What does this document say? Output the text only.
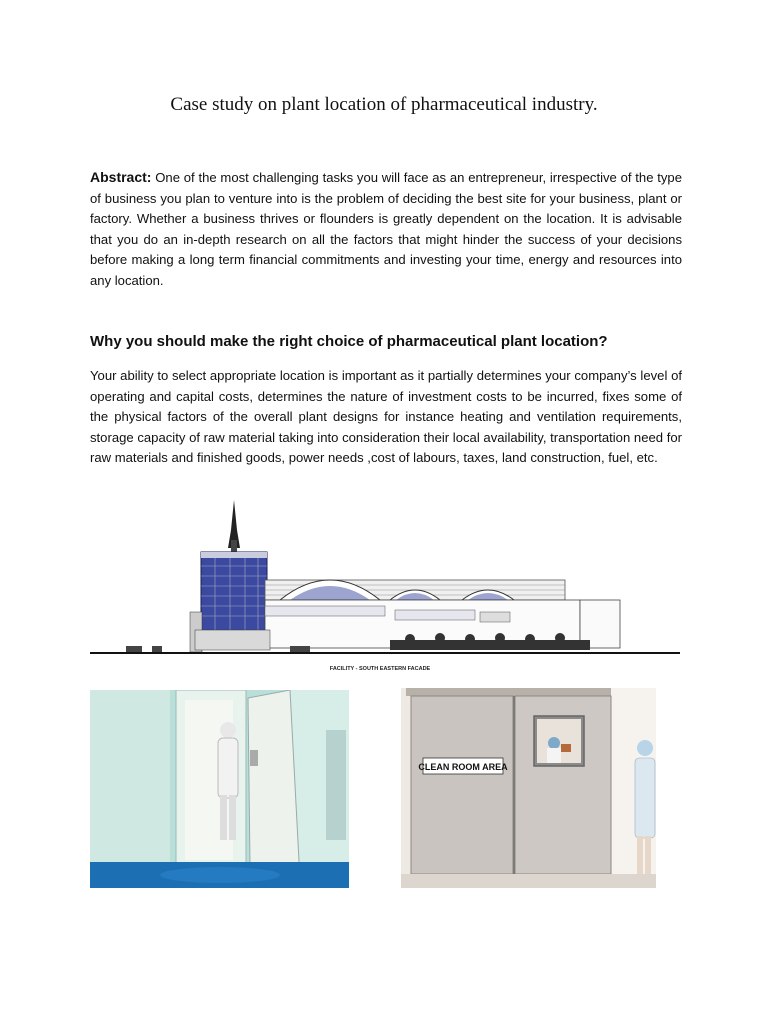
Case study on plant location of pharmaceutical industry.
Abstract: One of the most challenging tasks you will face as an entrepreneur, irrespective of the type of business you plan to venture into is the problem of deciding the best site for your business, plant or factory. Whether a business thrives or flounders is greatly dependent on the location. It is advisable that you do an in-depth research on all the factors that might hinder the success of your decisions before making a long term financial commitments and investing your time, energy and resources into any location.
Why you should make the right choice of pharmaceutical plant location?
Your ability to select appropriate location is important as it partially determines your company’s level of operating and capital costs, determines the nature of investment costs to be incurred, fixes some of the physical factors of the overall plant designs for instance heating and ventilation requirements, storage capacity of raw material taking into consideration their local availability, transportation need for raw materials and finished goods, power needs ,cost of labours, taxes, land construction, fuel, etc.
FACILITY - SOUTH EASTERN FACADE
CLEAN ROOM AREA
